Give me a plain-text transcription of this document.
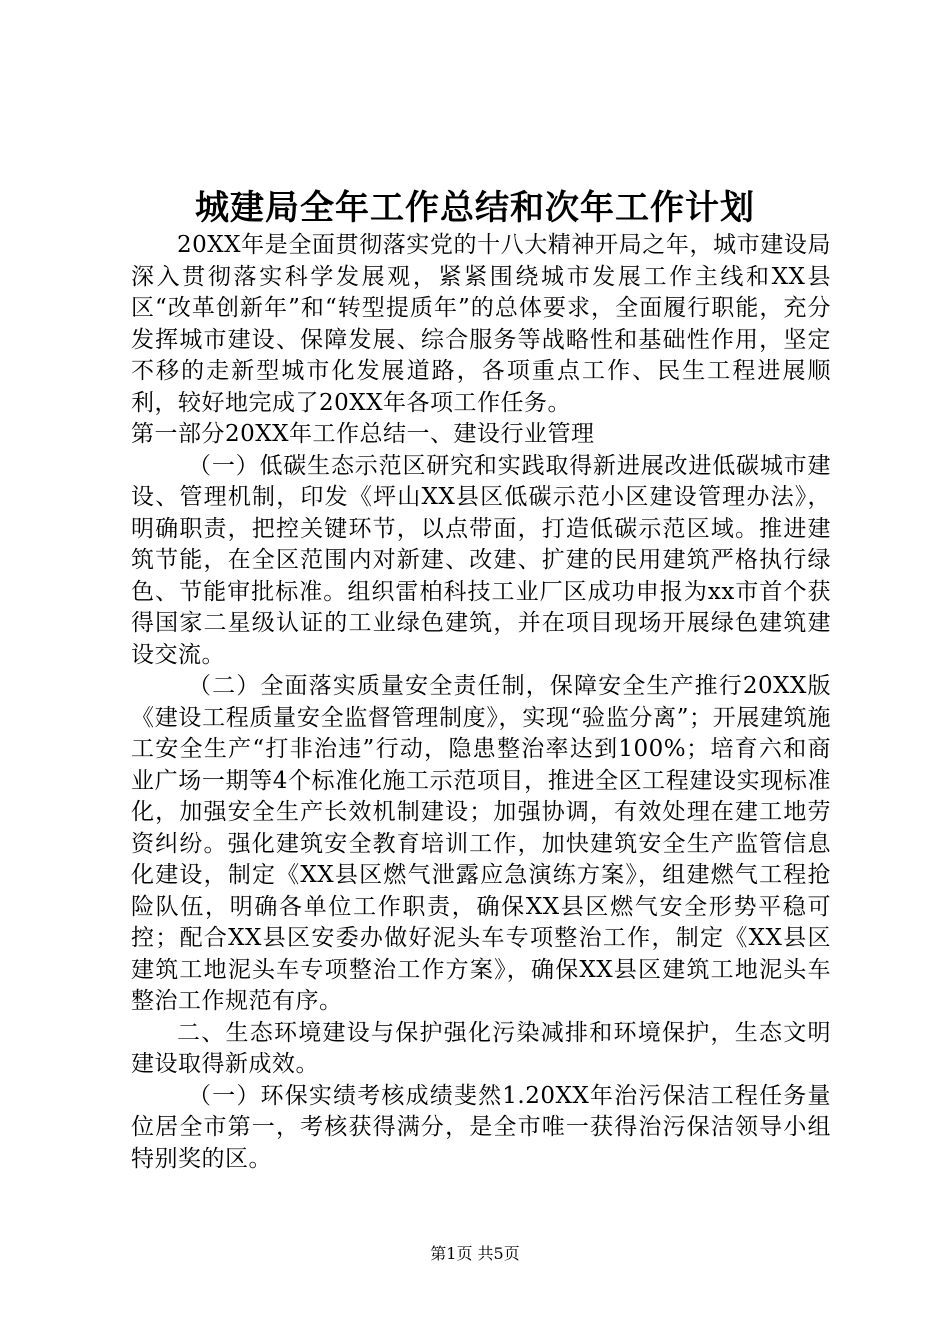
城建局全年工作总结和次年工作计划

20XX年是全面贯彻落实党的十八大精神开局之年，城市建设局深入贯彻落实科学发展观，紧紧围绕城市发展工作主线和XX县区“改革创新年”和“转型提质年”的总体要求，全面履行职能，充分发挥城市建设、保障发展、综合服务等战略性和基础性作用，坚定不移的走新型城市化发展道路，各项重点工作、民生工程进展顺利，较好地完成了20XX年各项工作任务。

第一部分20XX年工作总结一、建设行业管理

（一）低碳生态示范区研究和实践取得新进展改进低碳城市建设、管理机制，印发《坪山XX县区低碳示范小区建设管理办法》，明确职责，把控关键环节，以点带面，打造低碳示范区域。推进建筑节能，在全区范围内对新建、改建、扩建的民用建筑严格执行绿色、节能审批标准。组织雷柏科技工业厂区成功申报为xx市首个获得国家二星级认证的工业绿色建筑，并在项目现场开展绿色建筑建设交流。

（二）全面落实质量安全责任制，保障安全生产推行20XX版《建设工程质量安全监督管理制度》，实现“验监分离”；开展建筑施工安全生产“打非治违”行动，隐患整治率达到100%；培育六和商业广场一期等4个标准化施工示范项目，推进全区工程建设实现标准化，加强安全生产长效机制建设；加强协调，有效处理在建工地劳资纠纷。强化建筑安全教育培训工作，加快建筑安全生产监管信息化建设，制定《XX县区燃气泄露应急演练方案》，组建燃气工程抢险队伍，明确各单位工作职责，确保XX县区燃气安全形势平稳可控；配合XX县区安委办做好泥头车专项整治工作，制定《XX县区建筑工地泥头车专项整治工作方案》，确保XX县区建筑工地泥头车整治工作规范有序。

二、生态环境建设与保护强化污染减排和环境保护，生态文明建设取得新成效。

（一）环保实绩考核成绩斐然1.20XX年治污保洁工程任务量位居全市第一，考核获得满分，是全市唯一获得治污保洁领导小组特别奖的区。

第1页 共5页
